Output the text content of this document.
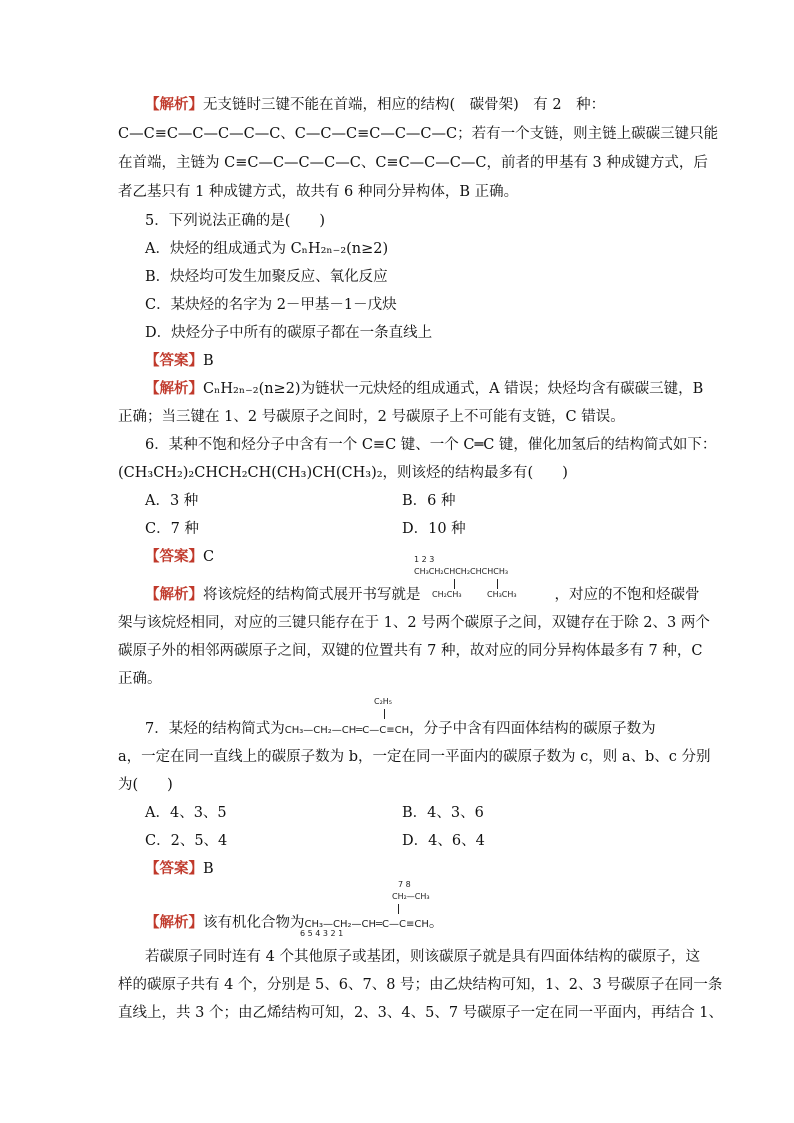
【解析】无支链时三键不能在首端，相应的结构(　碳骨架)　有 2　种：
C—C≡C—C—C—C—C、C—C—C≡C—C—C—C；若有一个支链，则主链上碳碳三键只能
在首端，主链为 C≡C—C—C—C—C、C≡C—C—C—C，前者的甲基有 3 种成键方式，后
者乙基只有 1 种成键方式，故共有 6 种同分异构体，B 正确。
5．下列说法正确的是(　　)
A．炔烃的组成通式为 CₙH₂ₙ₋₂(n≥2)
B．炔烃均可发生加聚反应、氧化反应
C．某炔烃的名字为 2－甲基－1－戊炔
D．炔烃分子中所有的碳原子都在一条直线上
【答案】B
【解析】CₙH₂ₙ₋₂(n≥2)为链状一元炔烃的组成通式，A 错误；炔烃均含有碳碳三键，B
正确；当三键在 1、2 号碳原子之间时，2 号碳原子上不可能有支链，C 错误。
6．某种不饱和烃分子中含有一个 C≡C 键、一个 C═C 键，催化加氢后的结构简式如下：
(CH₃CH₂)₂CHCH₂CH(CH₃)CH(CH₃)₂，则该烃的结构最多有(　　)
A．3 种	B．6 种
C．7 种	D．10 种
【答案】C	1 2 3
CH₃CH₂CHCH₂CHCHCH₃
CH₂CH₃	CH₃CH₃
【解析】将该烷烃的结构简式展开书写就是	，对应的不饱和烃碳骨
架与该烷烃相同，对应的三键只能存在于 1、2 号两个碳原子之间，双键存在于除 2、3 两个
碳原子外的相邻两碳原子之间，双键的位置共有 7 种，故对应的同分异构体最多有 7 种，C
正确。
C₂H₅
7．某烃的结构简式为CH₃—CH₂—CH═C—C≡CH，分子中含有四面体结构的碳原子数为
a，一定在同一直线上的碳原子数为 b，一定在同一平面内的碳原子数为 c，则 a、b、c 分别
为(　　)
A．4、3、5	B．4、3、6
C．2、5、4	D．4、6、4
【答案】B
7 8
CH₂—CH₃
6 5 4 3 2 1
【解析】该有机化合物为CH₃—CH₂—CH═C—C≡CH。
若碳原子同时连有 4 个其他原子或基团，则该碳原子就是具有四面体结构的碳原子，这
样的碳原子共有 4 个，分别是 5、6、7、8 号；由乙炔结构可知，1、2、3 号碳原子在同一条
直线上，共 3 个；由乙烯结构可知，2、3、4、5、7 号碳原子一定在同一平面内，再结合 1、
